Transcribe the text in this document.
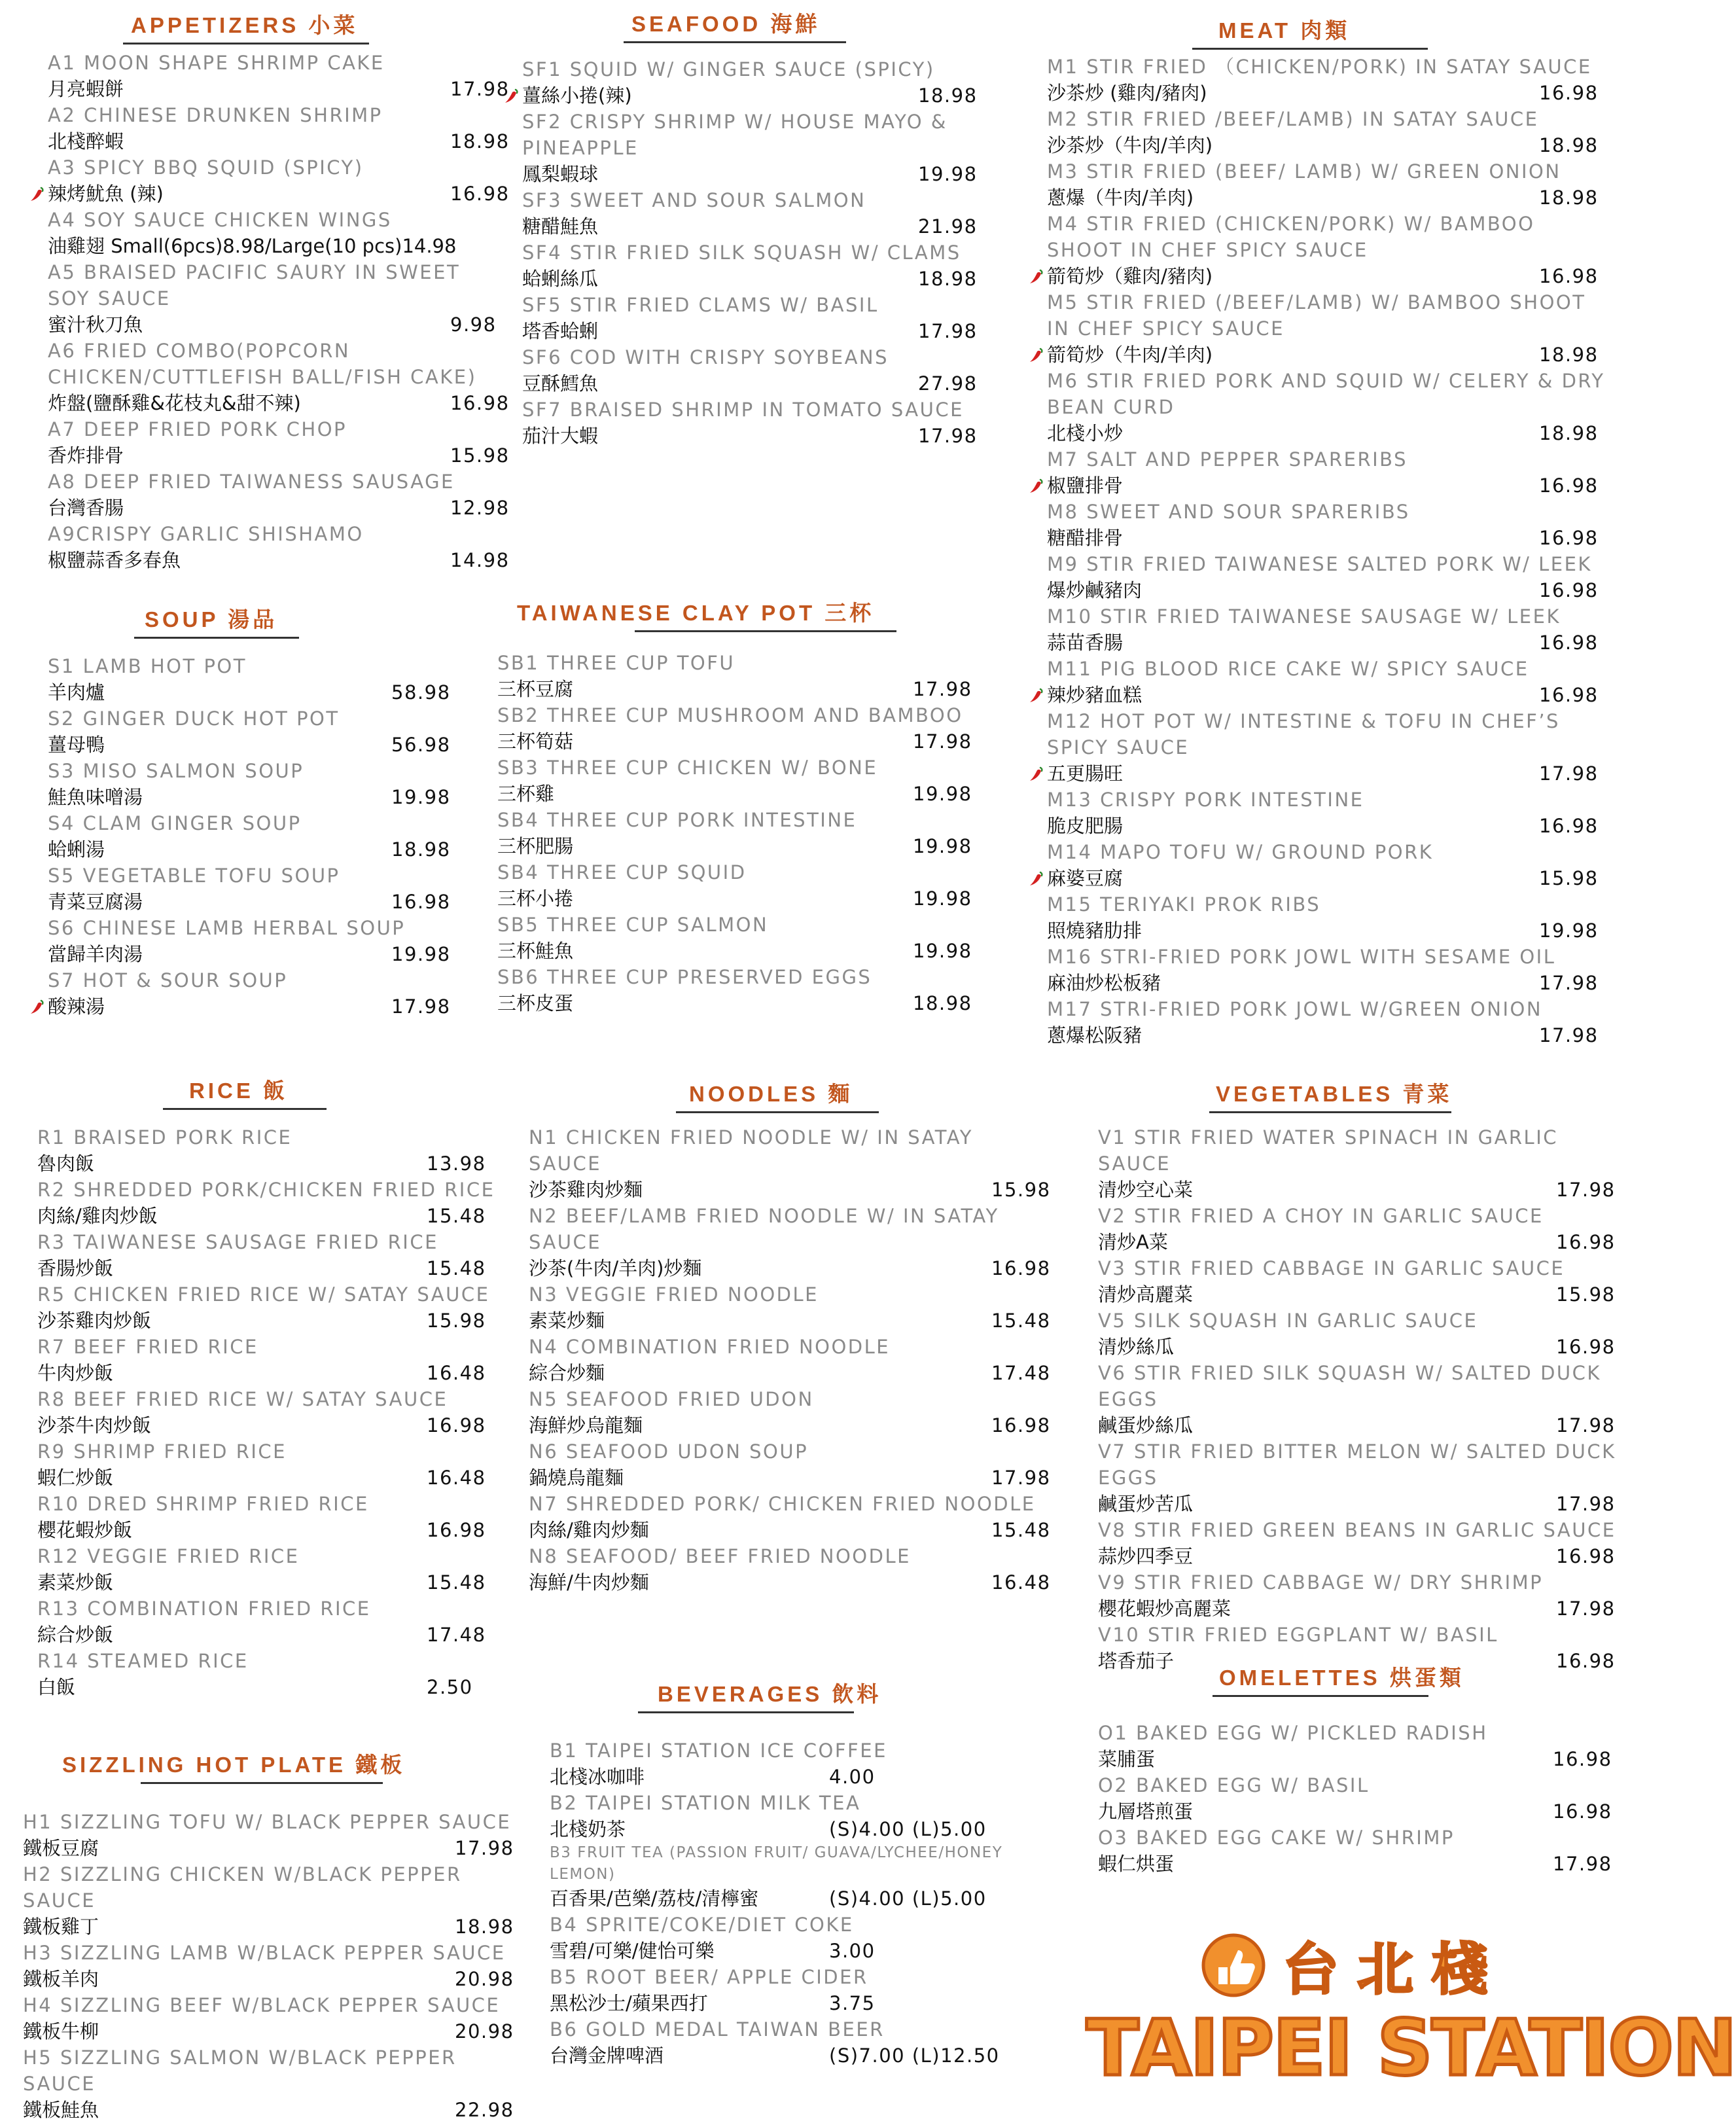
APPETIZERS 小菜
A1 MOON SHAPE SHRIMP CAKE
月亮蝦餅	17.98
A2 CHINESE DRUNKEN SHRIMP
北棧醉蝦	18.98
A3 SPICY BBQ SQUID (SPICY)
辣烤魷魚 (辣)	16.98
A4 SOY SAUCE CHICKEN WINGS
油雞翅 Small(6pcs)8.98/Large(10 pcs)14.98
A5 BRAISED PACIFIC SAURY IN SWEET SOY SAUCE
蜜汁秋刀魚	9.98
A6 FRIED COMBO(POPCORN CHICKEN/CUTTLEFISH BALL/FISH CAKE)
炸盤(鹽酥雞&花枝丸&甜不辣)	16.98
A7 DEEP FRIED PORK CHOP
香炸排骨	15.98
A8 DEEP FRIED TAIWANESS SAUSAGE
台灣香腸	12.98
A9CRISPY GARLIC SHISHAMO
椒鹽蒜香多春魚	14.98
SEAFOOD 海鮮
SF1 SQUID W/ GINGER SAUCE (SPICY)
薑絲小捲(辣)	18.98
SF2 CRISPY SHRIMP W/ HOUSE MAYO & PINEAPPLE
鳳梨蝦球	19.98
SF3 SWEET AND SOUR SALMON
糖醋鮭魚	21.98
SF4 STIR FRIED SILK SQUASH W/ CLAMS
蛤蜊絲瓜	18.98
SF5 STIR FRIED CLAMS W/ BASIL
塔香蛤蜊	17.98
SF6 COD WITH CRISPY SOYBEANS
豆酥鱈魚	27.98
SF7 BRAISED SHRIMP IN TOMATO SAUCE
茄汁大蝦	17.98
MEAT 肉類
M1 STIR FRIED （CHICKEN/PORK) IN SATAY SAUCE
沙茶炒 (雞肉/豬肉)	16.98
M2 STIR FRIED /BEEF/LAMB) IN SATAY SAUCE
沙茶炒（牛肉/羊肉)	18.98
M3 STIR FRIED (BEEF/ LAMB) W/ GREEN ONION
蔥爆（牛肉/羊肉)	18.98
M4 STIR FRIED (CHICKEN/PORK) W/ BAMBOO SHOOT IN CHEF SPICY SAUCE
箭筍炒（雞肉/豬肉)	16.98
M5 STIR FRIED (/BEEF/LAMB) W/ BAMBOO SHOOT IN CHEF SPICY SAUCE
箭筍炒（牛肉/羊肉)	18.98
M6 STIR FRIED PORK AND SQUID W/ CELERY & DRY BEAN CURD
北棧小炒	18.98
M7 SALT AND PEPPER SPARERIBS
椒鹽排骨	16.98
M8 SWEET AND SOUR SPARERIBS
糖醋排骨	16.98
M9 STIR FRIED TAIWANESE SALTED PORK W/ LEEK
爆炒鹹豬肉	16.98
M10 STIR FRIED TAIWANESE SAUSAGE W/ LEEK
蒜苗香腸	16.98
M11 PIG BLOOD RICE CAKE W/ SPICY SAUCE
辣炒豬血糕	16.98
M12 HOT POT W/ INTESTINE & TOFU IN CHEF’S SPICY SAUCE
五更腸旺	17.98
M13 CRISPY PORK INTESTINE
脆皮肥腸	16.98
M14 MAPO TOFU W/ GROUND PORK
麻婆豆腐	15.98
M15 TERIYAKI PROK RIBS
照燒豬肋排	19.98
M16 STRI-FRIED PORK JOWL WITH SESAME OIL
麻油炒松板豬	17.98
M17 STRI-FRIED PORK JOWL W/GREEN ONION
蔥爆松阪豬	17.98
SOUP 湯品
S1 LAMB HOT POT
羊肉爐	58.98
S2 GINGER DUCK HOT POT
薑母鴨	56.98
S3 MISO SALMON SOUP
鮭魚味噌湯	19.98
S4 CLAM GINGER SOUP
蛤蜊湯	18.98
S5 VEGETABLE TOFU SOUP
青菜豆腐湯	16.98
S6 CHINESE LAMB HERBAL SOUP
當歸羊肉湯	19.98
S7 HOT & SOUR SOUP
酸辣湯	17.98
TAIWANESE CLAY POT 三杯
SB1 THREE CUP TOFU
三杯豆腐	17.98
SB2 THREE CUP MUSHROOM AND BAMBOO
三杯筍菇	17.98
SB3 THREE CUP CHICKEN W/ BONE
三杯雞	19.98
SB4 THREE CUP PORK INTESTINE
三杯肥腸	19.98
SB4 THREE CUP SQUID
三杯小捲	19.98
SB5 THREE CUP SALMON
三杯鮭魚	19.98
SB6 THREE CUP PRESERVED EGGS
三杯皮蛋	18.98
RICE 飯
R1 BRAISED PORK RICE
魯肉飯	13.98
R2 SHREDDED PORK/CHICKEN FRIED RICE
肉絲/雞肉炒飯	15.48
R3 TAIWANESE SAUSAGE FRIED RICE
香腸炒飯	15.48
R5 CHICKEN FRIED RICE W/ SATAY SAUCE
沙茶雞肉炒飯	15.98
R7 BEEF FRIED RICE
牛肉炒飯	16.48
R8 BEEF FRIED RICE W/ SATAY SAUCE
沙茶牛肉炒飯	16.98
R9 SHRIMP FRIED RICE
蝦仁炒飯	16.48
R10 DRED SHRIMP FRIED RICE
櫻花蝦炒飯	16.98
R12 VEGGIE FRIED RICE
素菜炒飯	15.48
R13 COMBINATION FRIED RICE
綜合炒飯	17.48
R14 STEAMED RICE
白飯	2.50
NOODLES 麵
N1 CHICKEN FRIED NOODLE W/ IN SATAY SAUCE
沙茶雞肉炒麵	15.98
N2 BEEF/LAMB FRIED NOODLE W/ IN SATAY SAUCE
沙茶(牛肉/羊肉)炒麵	16.98
N3 VEGGIE FRIED NOODLE
素菜炒麵	15.48
N4 COMBINATION FRIED NOODLE
綜合炒麵	17.48
N5 SEAFOOD FRIED UDON
海鮮炒烏龍麵	16.98
N6 SEAFOOD UDON SOUP
鍋燒烏龍麵	17.98
N7 SHREDDED PORK/ CHICKEN FRIED NOODLE
肉絲/雞肉炒麵	15.48
N8 SEAFOOD/ BEEF FRIED NOODLE
海鮮/牛肉炒麵	16.48
VEGETABLES 青菜
V1 STIR FRIED WATER SPINACH IN GARLIC SAUCE
清炒空心菜	17.98
V2 STIR FRIED A CHOY IN GARLIC SAUCE
清炒A菜	16.98
V3 STIR FRIED CABBAGE IN GARLIC SAUCE
清炒高麗菜	15.98
V5 SILK SQUASH IN GARLIC SAUCE
清炒絲瓜	16.98
V6 STIR FRIED SILK SQUASH W/ SALTED DUCK EGGS
鹹蛋炒絲瓜	17.98
V7 STIR FRIED BITTER MELON W/ SALTED DUCK EGGS
鹹蛋炒苦瓜	17.98
V8 STIR FRIED GREEN BEANS IN GARLIC SAUCE
蒜炒四季豆	16.98
V9 STIR FRIED CABBAGE W/ DRY SHRIMP
櫻花蝦炒高麗菜	17.98
V10 STIR FRIED EGGPLANT W/ BASIL
塔香茄子	16.98
SIZZLING HOT PLATE 鐵板
H1 SIZZLING TOFU W/ BLACK PEPPER SAUCE
鐵板豆腐	17.98
H2 SIZZLING CHICKEN W/BLACK PEPPER SAUCE
鐵板雞丁	18.98
H3 SIZZLING LAMB W/BLACK PEPPER SAUCE
鐵板羊肉	20.98
H4 SIZZLING BEEF W/BLACK PEPPER SAUCE
鐵板牛柳	20.98
H5 SIZZLING SALMON W/BLACK PEPPER SAUCE
鐵板鮭魚	22.98
BEVERAGES 飲料
B1 TAIPEI STATION ICE COFFEE
北棧冰咖啡	4.00
B2 TAIPEI STATION MILK TEA
北棧奶茶	(S)4.00 (L)5.00
B3 FRUIT TEA (PASSION FRUIT/ GUAVA/LYCHEE/HONEY LEMON)
百香果/芭樂/荔枝/清檸蜜	(S)4.00 (L)5.00
B4 SPRITE/COKE/DIET COKE
雪碧/可樂/健怡可樂	3.00
B5 ROOT BEER/ APPLE CIDER
黑松沙士/蘋果西打	3.75
B6 GOLD MEDAL TAIWAN BEER
台灣金牌啤酒	(S)7.00 (L)12.50
OMELETTES 烘蛋類
O1 BAKED EGG W/ PICKLED RADISH
菜脯蛋	16.98
O2 BAKED EGG W/ BASIL
九層塔煎蛋	16.98
O3 BAKED EGG CAKE W/ SHRIMP
蝦仁烘蛋	17.98
台北棧
TAIPEI STATION
